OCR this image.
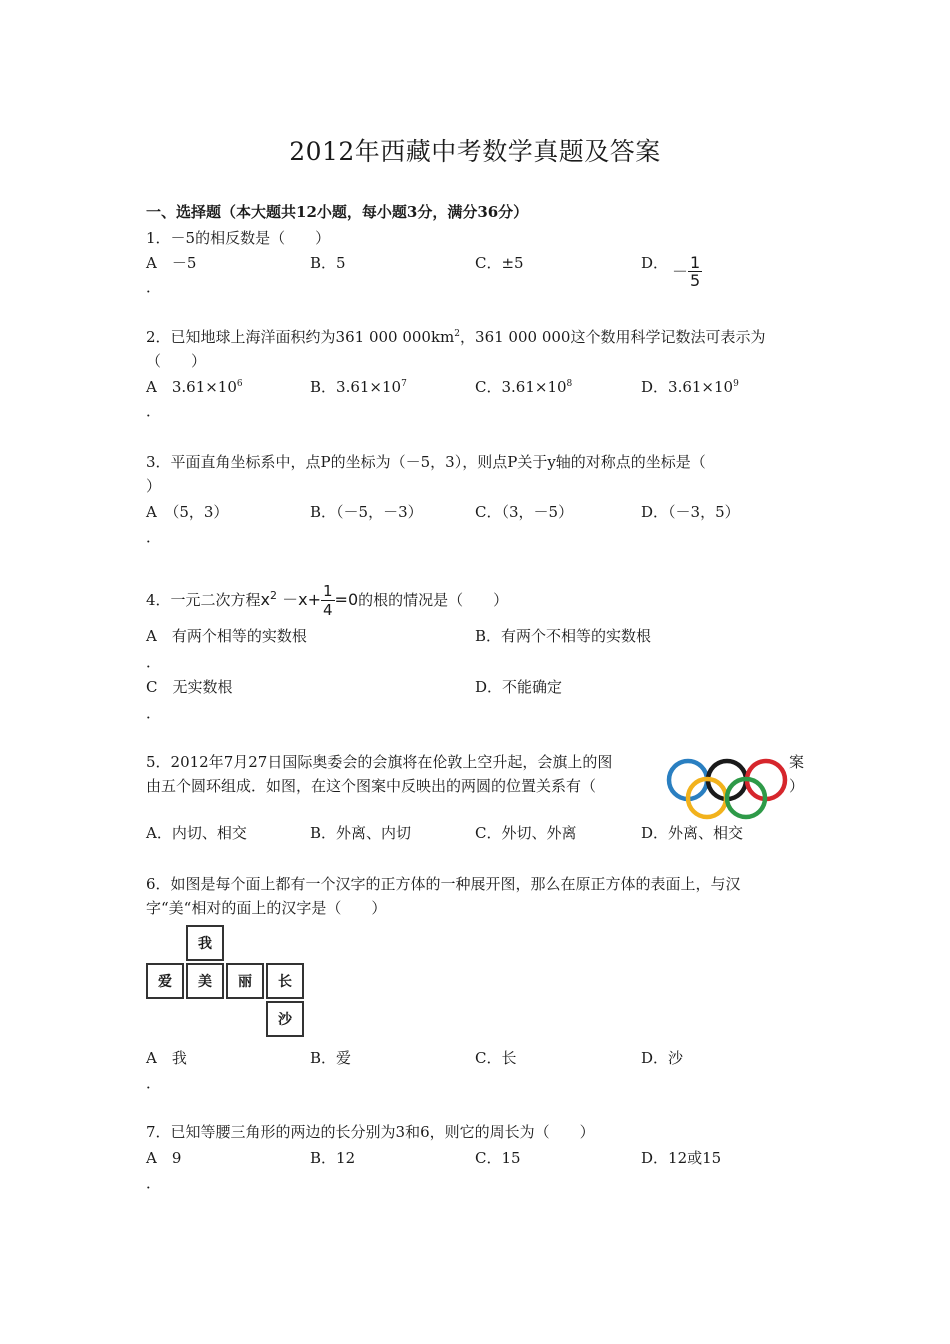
2012年西藏中考数学真题及答案
一、选择题（本大题共12小题，每小题3分，满分36分）
1．－5的相反数是（　　）
A　－5	B．5	C．±5	D． － $\frac{1}{5}$
．
2．已知地球上海洋面积约为361 000 $000km^2$，361 000 000这个数用科学记数法可表示为
（　　）
A　$3.61\times 10^6$	B．$3.61\times 10^7$	C．$3.61\times 10^8$	D．$3.61\times 10^9$
．
3．平面直角坐标系中，点P的坐标为（－5，3），则点P关于y轴的对称点的坐标是（
）
A　（5，3）	B．（－5，－3）	C．（3，－5）	D．（－3，5）
．
4．一元二次方程$x^2 -x+ \frac{1}{4} =0$的根的情况是（　　）
A　有两个相等的实数根	B．有两个不相等的实数根
．
C　无实数根	D．不能确定
．
5．2012年7月27日国际奥委会的会旗将在伦敦上空升起，会旗上的图	案
由五个圆环组成．如图，在这个图案中反映出的两圆的位置关系有（	）
A．内切、相交	B．外离、内切	C．外切、外离	D．外离、相交
6．如图是每个面上都有一个汉字的正方体的一种展开图，那么在原正方体的表面上，与汉
字“美“相对的面上的汉字是（　　）
我
爱	美	丽	长
沙
A　我	B．爱	C．长	D．沙
．
7．已知等腰三角形的两边的长分别为3和6，则它的周长为（　　）
A　9	B．12	C．15	D．12或15
．
